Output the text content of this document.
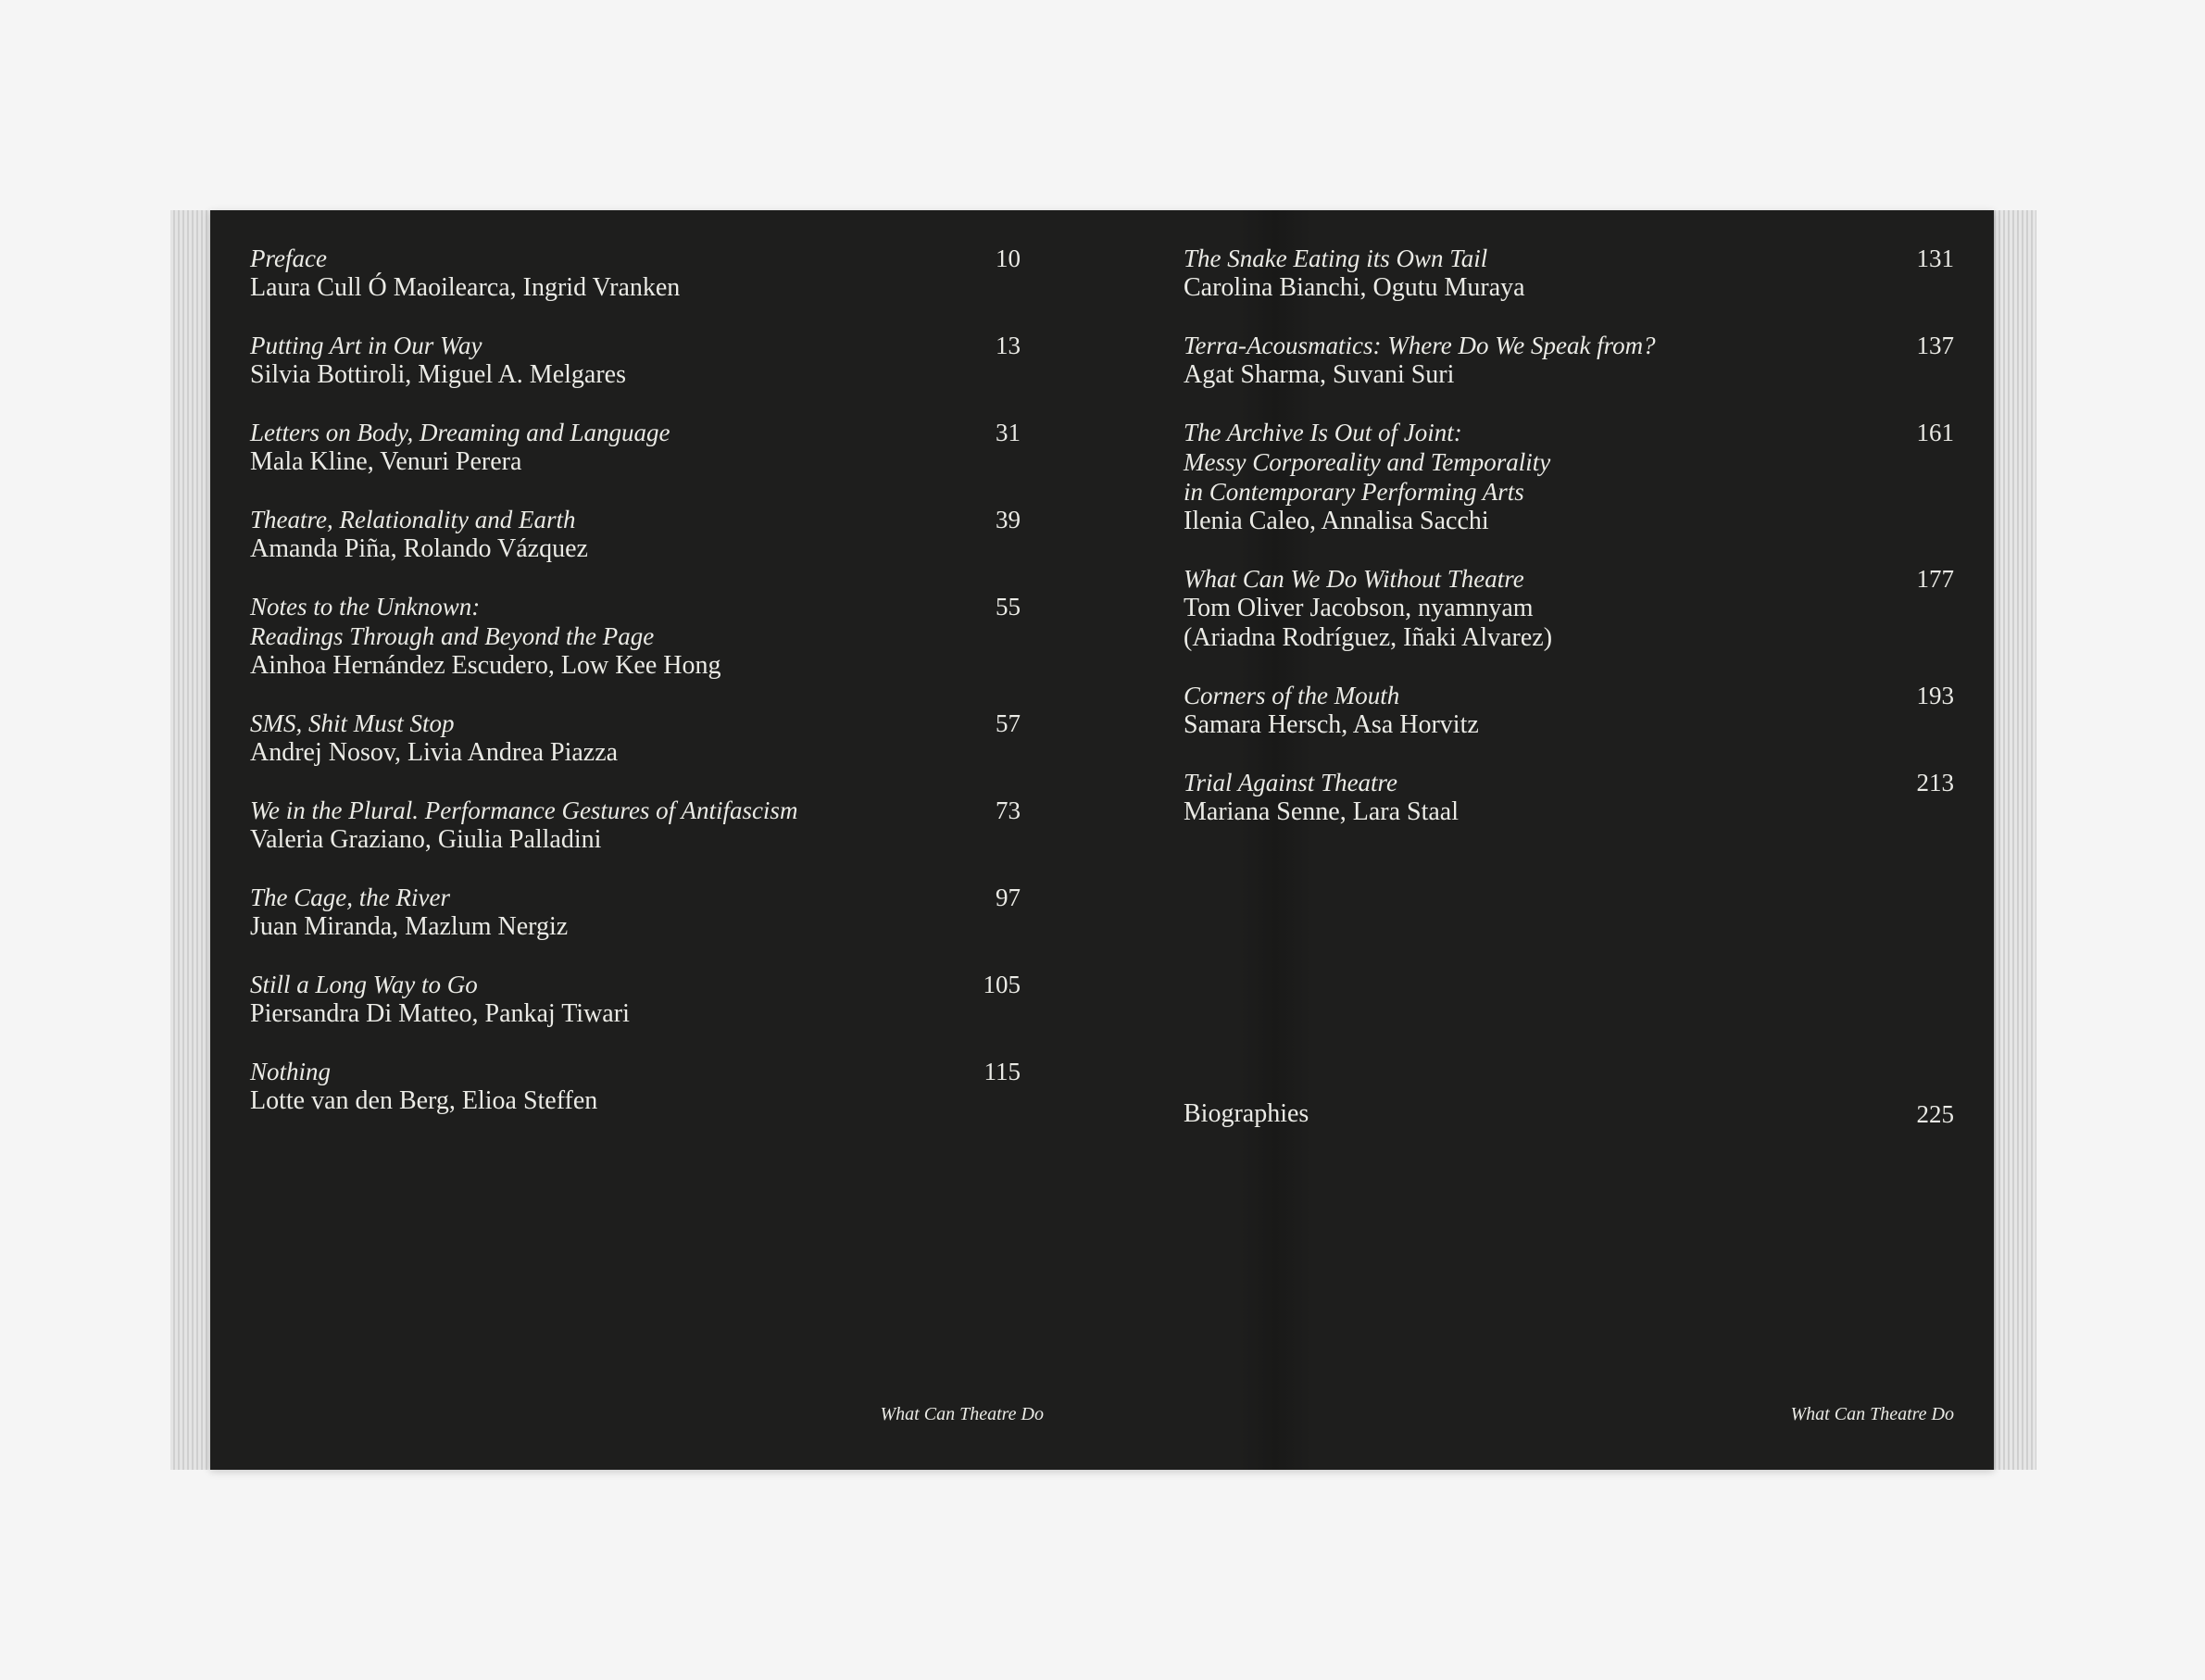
Preface
Laura Cull Ó Maoilearca, Ingrid Vranken
10
Putting Art in Our Way
Silvia Bottiroli, Miguel A. Melgares
13
Letters on Body, Dreaming and Language
Mala Kline, Venuri Perera
31
Theatre, Relationality and Earth
Amanda Piña, Rolando Vázquez
39
Notes to the Unknown:
Readings Through and Beyond the Page
Ainhoa Hernández Escudero, Low Kee Hong
55
SMS, Shit Must Stop
Andrej Nosov, Livia Andrea Piazza
57
We in the Plural. Performance Gestures of Antifascism
Valeria Graziano, Giulia Palladini
73
The Cage, the River
Juan Miranda, Mazlum Nergiz
97
Still a Long Way to Go
Piersandra Di Matteo, Pankaj Tiwari
105
Nothing
Lotte van den Berg, Elioa Steffen
115
The Snake Eating its Own Tail
Carolina Bianchi, Ogutu Muraya
131
Terra-Acousmatics: Where Do We Speak from?
Agat Sharma, Suvani Suri
137
The Archive Is Out of Joint:
Messy Corporeality and Temporality
in Contemporary Performing Arts
Ilenia Caleo, Annalisa Sacchi
161
What Can We Do Without Theatre
Tom Oliver Jacobson, nyamnyam
(Ariadna Rodríguez, Iñaki Alvarez)
177
Corners of the Mouth
Samara Hersch, Asa Horvitz
193
Trial Against Theatre
Mariana Senne, Lara Staal
213
Biographies	225
What Can Theatre Do	What Can Theatre Do
